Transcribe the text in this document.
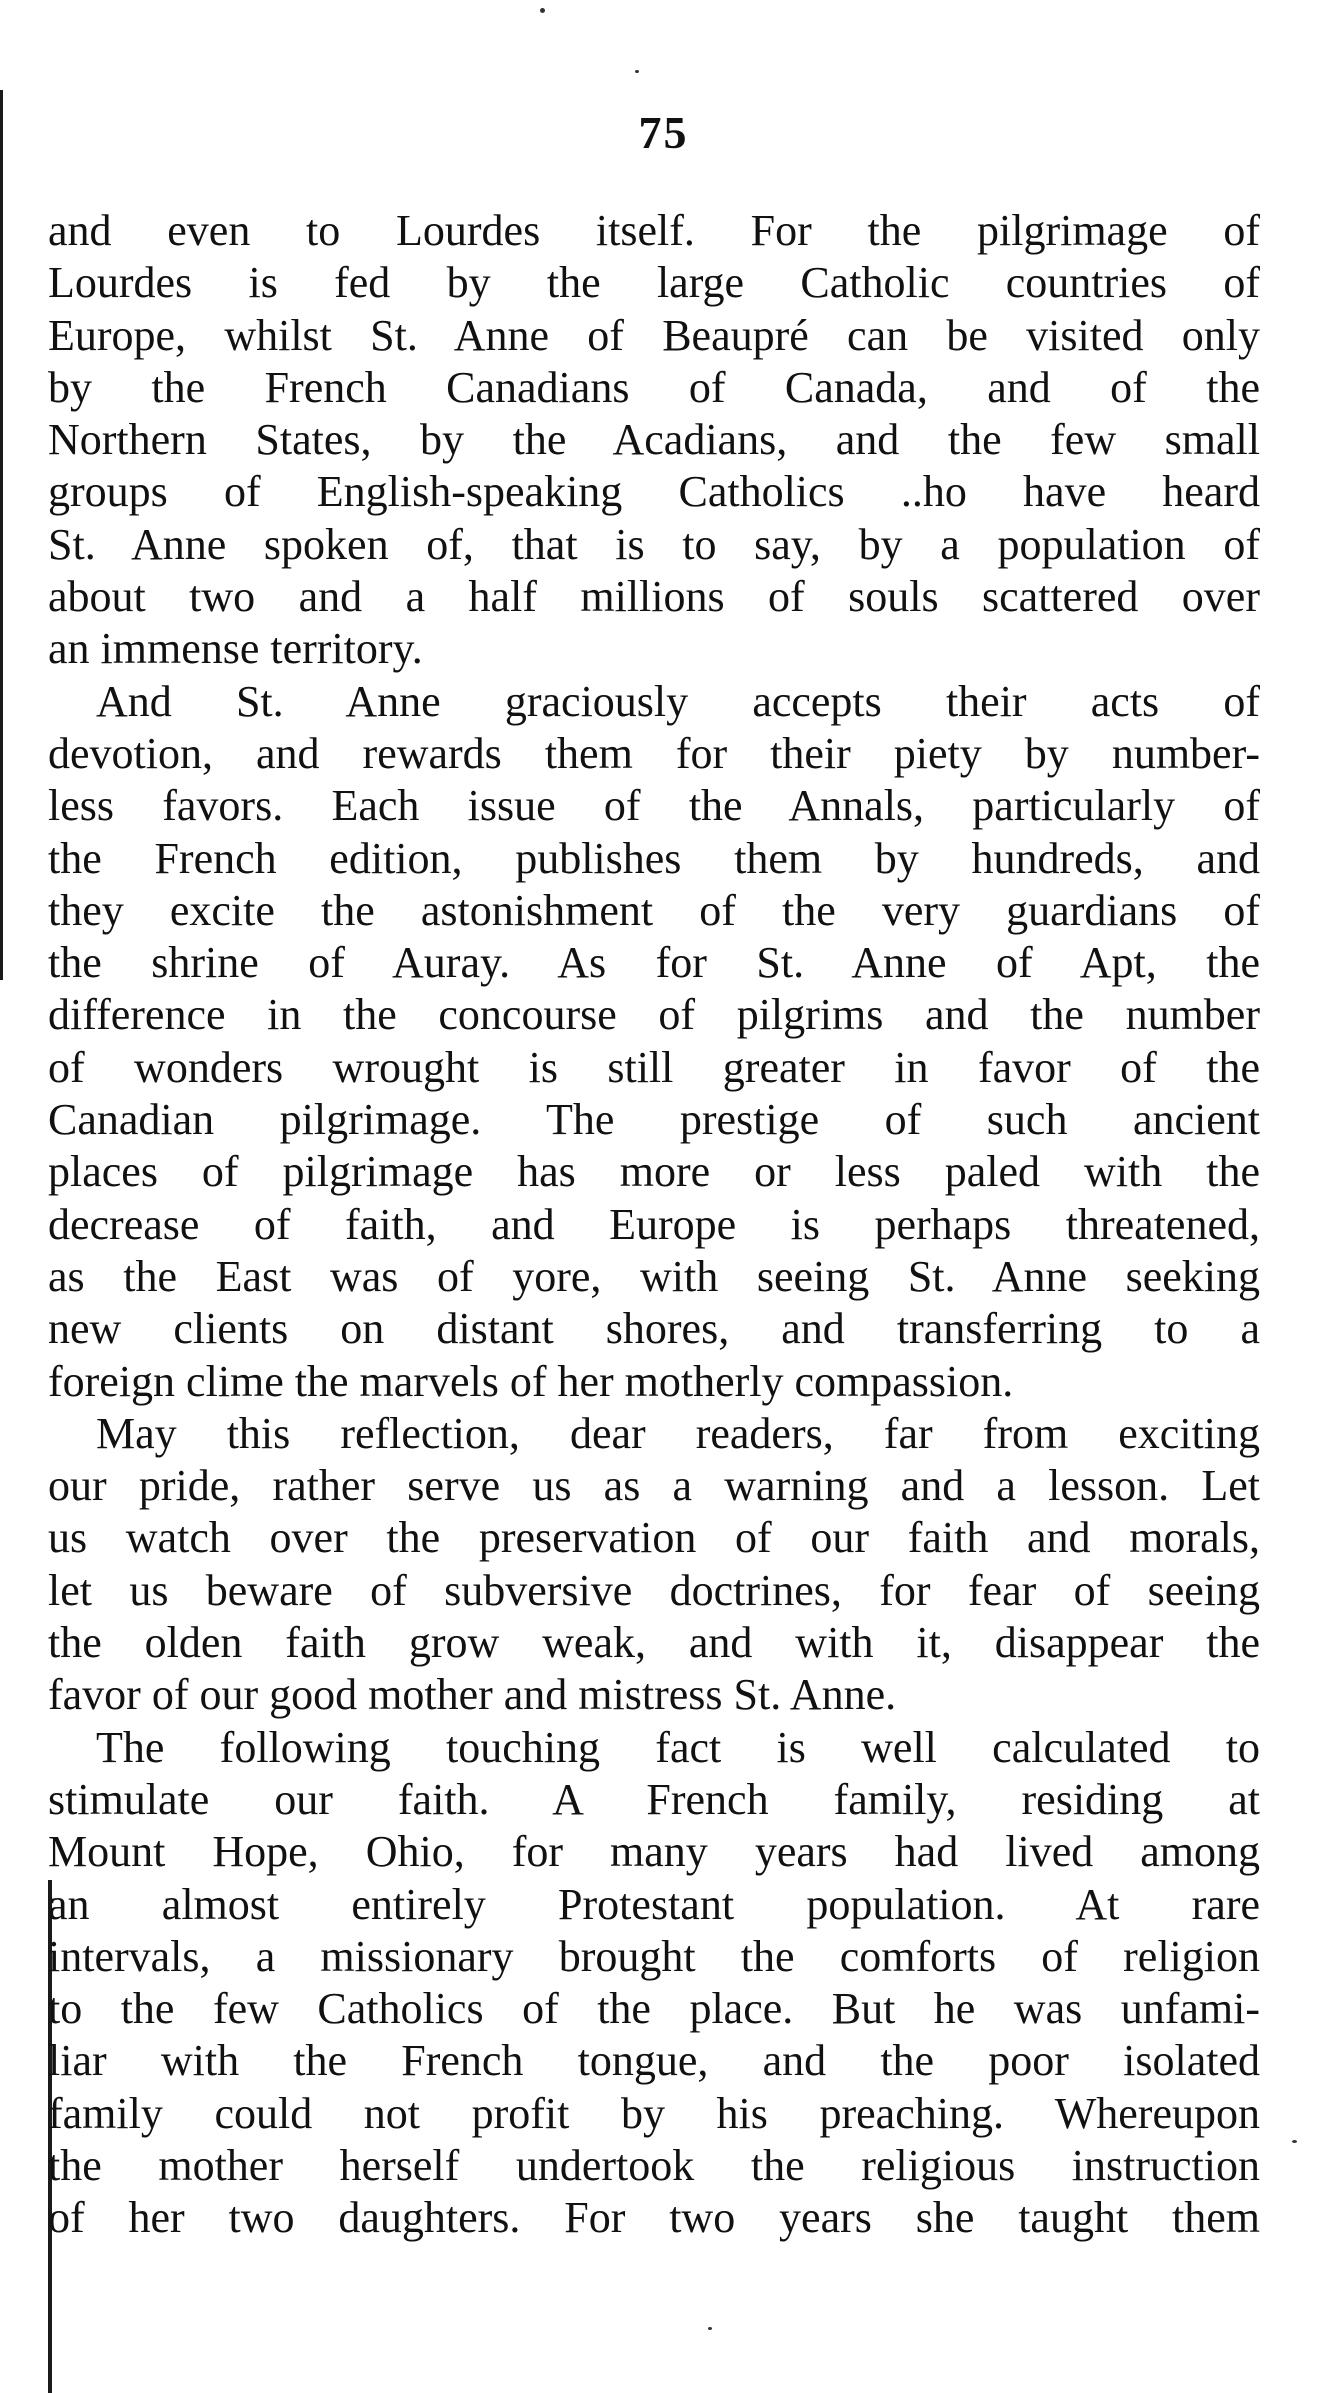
75
and even to Lourdes itself. For the pilgrimage of
Lourdes is fed by the large Catholic countries of
Europe, whilst St. Anne of Beaupré can be visited only
by the French Canadians of Canada, and of the
Northern States, by the Acadians, and the few small
groups of English-speaking Catholics ..ho have heard
St. Anne spoken of, that is to say, by a population of
about two and a half millions of souls scattered over
an immense territory.
And St. Anne graciously accepts their acts of
devotion, and rewards them for their piety by number-
less favors. Each issue of the Annals, particularly of
the French edition, publishes them by hundreds, and
they excite the astonishment of the very guardians of
the shrine of Auray. As for St. Anne of Apt, the
difference in the concourse of pilgrims and the number
of wonders wrought is still greater in favor of the
Canadian pilgrimage. The prestige of such ancient
places of pilgrimage has more or less paled with the
decrease of faith, and Europe is perhaps threatened,
as the East was of yore, with seeing St. Anne seeking
new clients on distant shores, and transferring to a
foreign clime the marvels of her motherly compassion.
May this reflection, dear readers, far from exciting
our pride, rather serve us as a warning and a lesson. Let
us watch over the preservation of our faith and morals,
let us beware of subversive doctrines, for fear of seeing
the olden faith grow weak, and with it, disappear the
favor of our good mother and mistress St. Anne.
The following touching fact is well calculated to
stimulate our faith. A French family, residing at
Mount Hope, Ohio, for many years had lived among
an almost entirely Protestant population. At rare
intervals, a missionary brought the comforts of religion
to the few Catholics of the place. But he was unfami-
liar with the French tongue, and the poor isolated
family could not profit by his preaching. Whereupon
the mother herself undertook the religious instruction
of her two daughters. For two years she taught them
